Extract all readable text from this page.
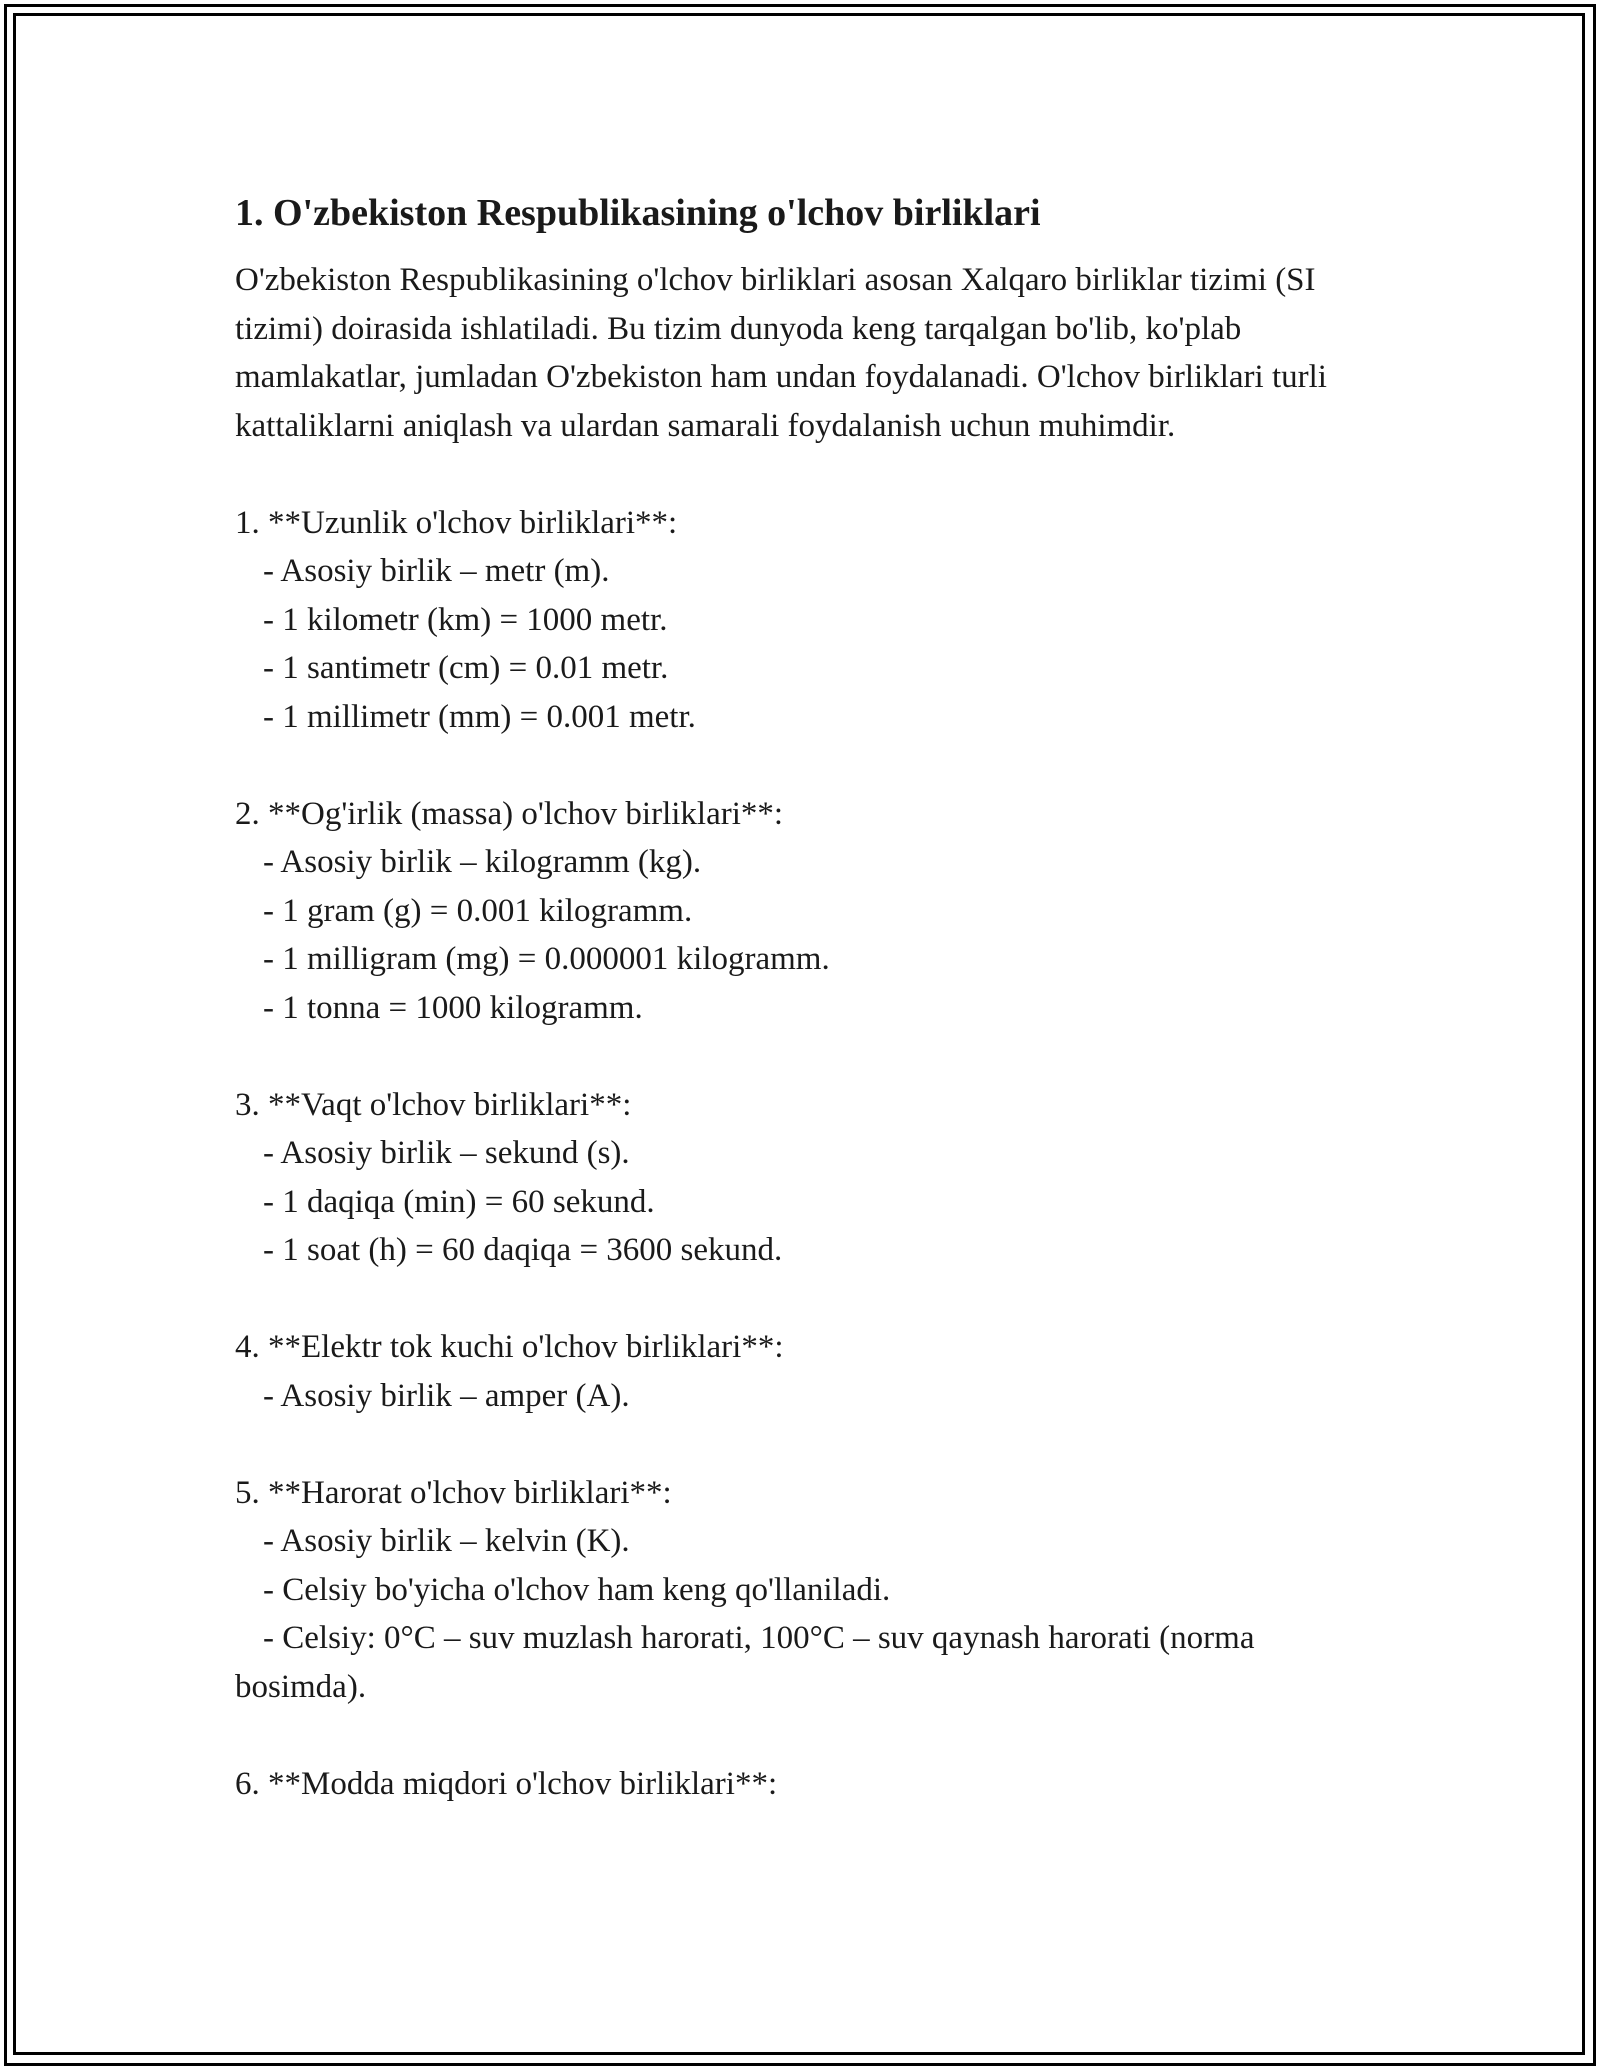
1. O'zbekiston Respublikasining o'lchov birliklari

O'zbekiston Respublikasining o'lchov birliklari asosan Xalqaro birliklar tizimi (SI tizimi) doirasida ishlatiladi. Bu tizim dunyoda keng tarqalgan bo'lib, ko'plab mamlakatlar, jumladan O'zbekiston ham undan foydalanadi. O'lchov birliklari turli kattaliklarni aniqlash va ulardan samarali foydalanish uchun muhimdir.

1. **Uzunlik o'lchov birliklari**:
- Asosiy birlik – metr (m).
- 1 kilometr (km) = 1000 metr.
- 1 santimetr (cm) = 0.01 metr.
- 1 millimetr (mm) = 0.001 metr.
2. **Og'irlik (massa) o'lchov birliklari**:
- Asosiy birlik – kilogramm (kg).
- 1 gram (g) = 0.001 kilogramm.
- 1 milligram (mg) = 0.000001 kilogramm.
- 1 tonna = 1000 kilogramm.
3. **Vaqt o'lchov birliklari**:
- Asosiy birlik – sekund (s).
- 1 daqiqa (min) = 60 sekund.
- 1 soat (h) = 60 daqiqa = 3600 sekund.
4. **Elektr tok kuchi o'lchov birliklari**:
- Asosiy birlik – amper (A).
5. **Harorat o'lchov birliklari**:
- Asosiy birlik – kelvin (K).
- Celsiy bo'yicha o'lchov ham keng qo'llaniladi.
- Celsiy: 0°C – suv muzlash harorati, 100°C – suv qaynash harorati (norma bosimda).
6. **Modda miqdori o'lchov birliklari**:
